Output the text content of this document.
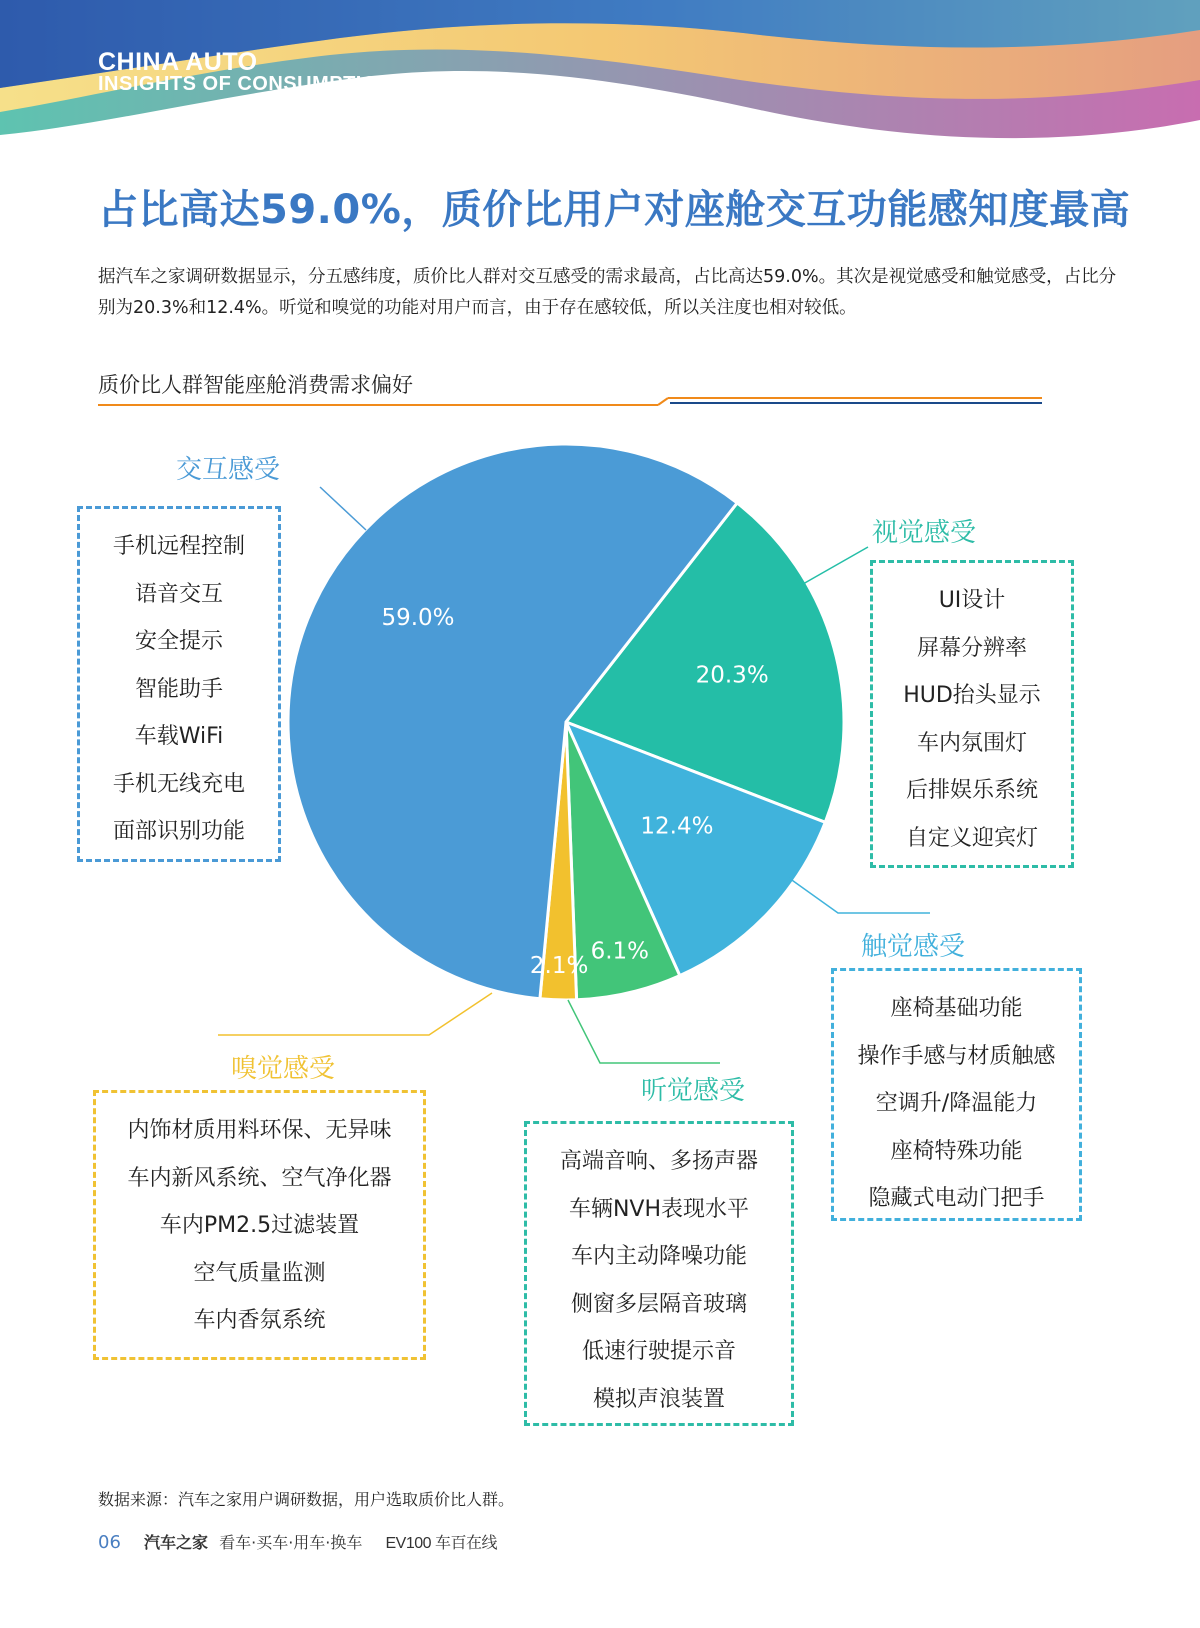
CHINA AUTO
INSIGHTS OF CONSUMPTION
占比高达59.0%，质价比用户对座舱交互功能感知度最高
据汽车之家调研数据显示，分五感纬度，质价比人群对交互感受的需求最高，占比高达59.0%。其次是视觉感受和触觉感受，占比分别为20.3%和12.4%。听觉和嗅觉的功能对用户而言，由于存在感较低，所以关注度也相对较低。
质价比人群智能座舱消费需求偏好
20.3%
12.4%
6.1%
2.1%
59.0%
交互感受
视觉感受
触觉感受
听觉感受
嗅觉感受
手机远程控制
语音交互
安全提示
智能助手
车载WiFi
手机无线充电
面部识别功能
UI设计
屏幕分辨率
HUD抬头显示
车内氛围灯
后排娱乐系统
自定义迎宾灯
座椅基础功能
操作手感与材质触感
空调升/降温能力
座椅特殊功能
隐藏式电动门把手
高端音响、多扬声器
车辆NVH表现水平
车内主动降噪功能
侧窗多层隔音玻璃
低速行驶提示音
模拟声浪装置
内饰材质用料环保、无异味
车内新风系统、空气净化器
车内PM2.5过滤装置
空气质量监测
车内香氛系统
数据来源：汽车之家用户调研数据，用户选取质价比人群。
06 汽车之家 看车·买车·用车·换车 EV100 车百在线
